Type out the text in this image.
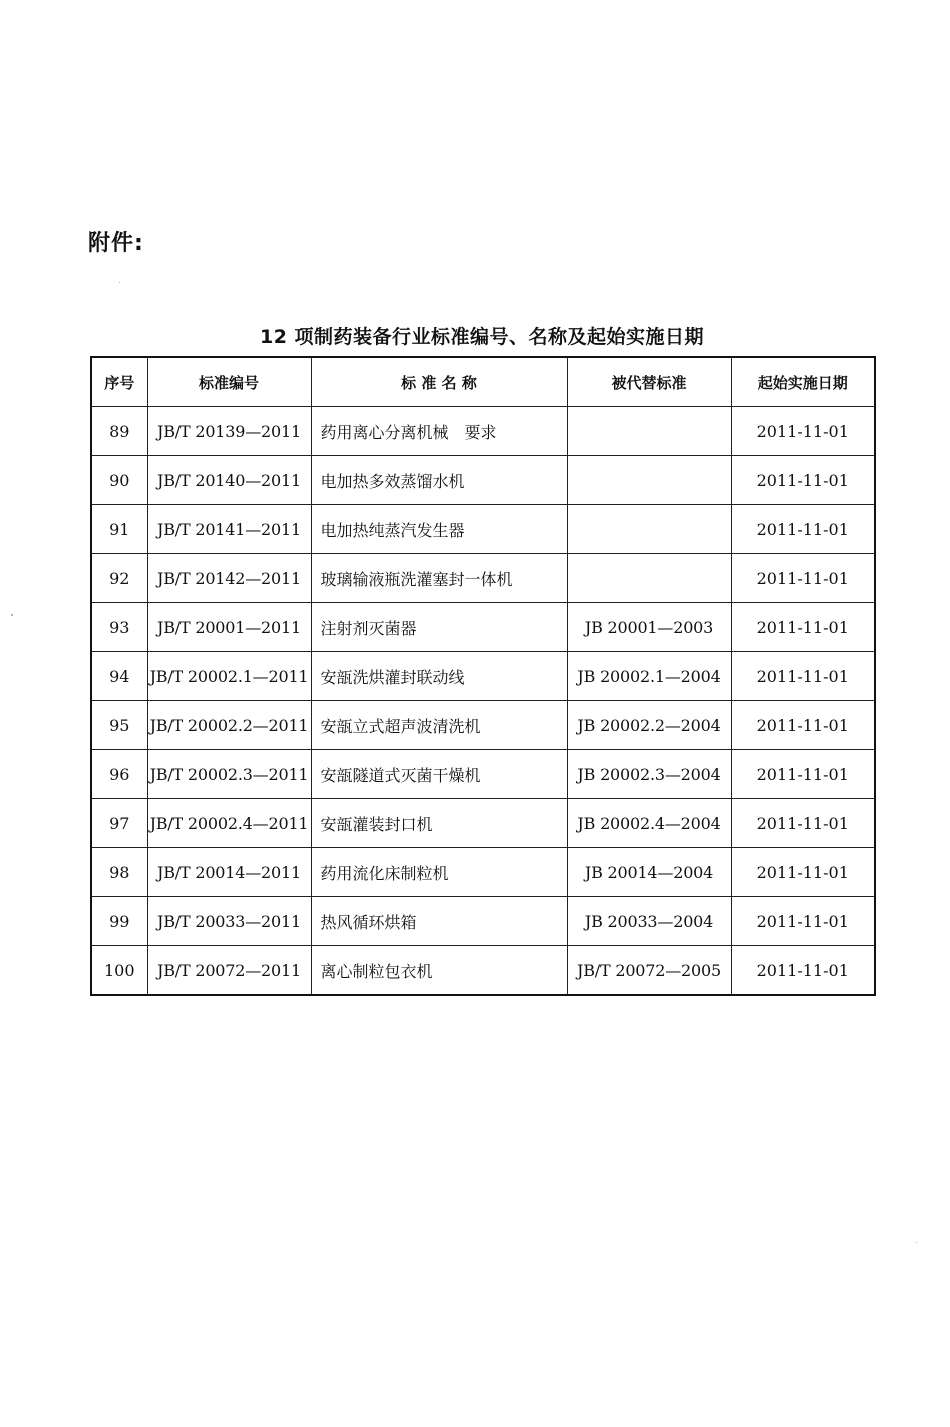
附件:
12 项制药装备行业标准编号、名称及起始实施日期
序号	标准编号	标 准 名 称	被代替标准	起始实施日期
89	JB/T 20139—2011	药用离心分离机械　要求		2011-11-01
90	JB/T 20140—2011	电加热多效蒸馏水机		2011-11-01
91	JB/T 20141—2011	电加热纯蒸汽发生器		2011-11-01
92	JB/T 20142—2011	玻璃输液瓶洗灌塞封一体机		2011-11-01
93	JB/T 20001—2011	注射剂灭菌器	JB 20001—2003	2011-11-01
94	JB/T 20002.1—2011	安瓿洗烘灌封联动线	JB 20002.1—2004	2011-11-01
95	JB/T 20002.2—2011	安瓿立式超声波清洗机	JB 20002.2—2004	2011-11-01
96	JB/T 20002.3—2011	安瓿隧道式灭菌干燥机	JB 20002.3—2004	2011-11-01
97	JB/T 20002.4—2011	安瓿灌装封口机	JB 20002.4—2004	2011-11-01
98	JB/T 20014—2011	药用流化床制粒机	JB 20014—2004	2011-11-01
99	JB/T 20033—2011	热风循环烘箱	JB 20033—2004	2011-11-01
100	JB/T 20072—2011	离心制粒包衣机	JB/T 20072—2005	2011-11-01
